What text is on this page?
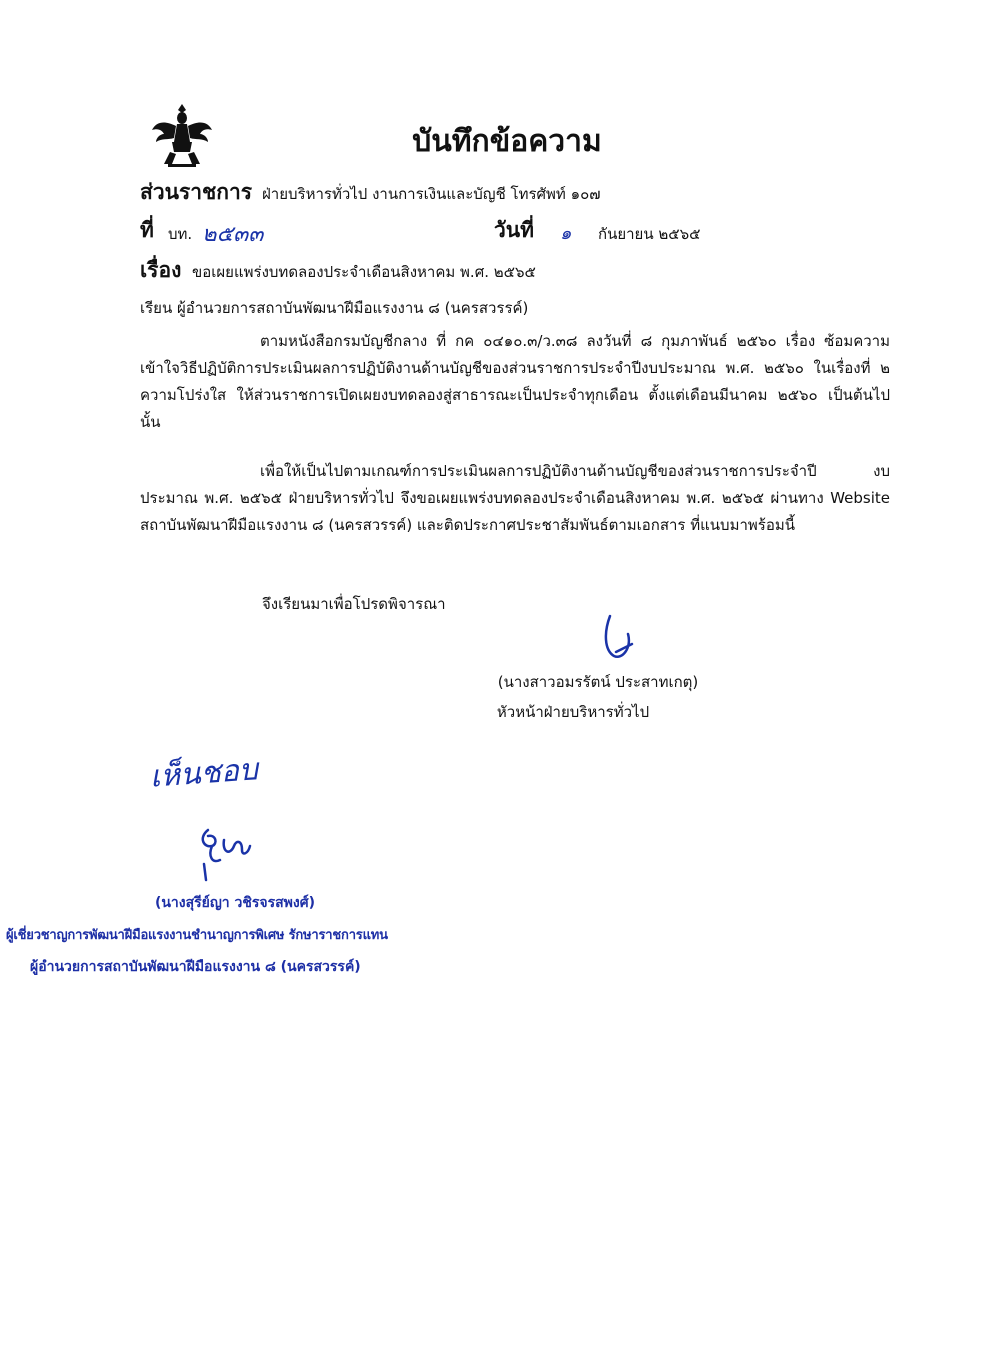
บันทึกข้อความ
ส่วนราชการ ฝ่ายบริหารทั่วไป งานการเงินและบัญชี โทรศัพท์ ๑๐๗
ที่ บท. ๒๕๓๓	วันที่ ๑ กันยายน ๒๕๖๕
เรื่อง ขอเผยแพร่งบทดลองประจำเดือนสิงหาคม พ.ศ. ๒๕๖๕
เรียน ผู้อำนวยการสถาบันพัฒนาฝีมือแรงงาน ๘ (นครสวรรค์)

ตามหนังสือกรมบัญชีกลาง ที่ กค ๐๔๑๐.๓/ว.๓๘ ลงวันที่ ๘ กุมภาพันธ์ ๒๕๖๐ เรื่อง ซ้อมความเข้าใจวิธีปฏิบัติการประเมินผลการปฏิบัติงานด้านบัญชีของส่วนราชการประจำปีงบประมาณ พ.ศ. ๒๕๖๐ ในเรื่องที่ ๒ ความโปร่งใส ให้ส่วนราชการเปิดเผยงบทดลองสู่สาธารณะเป็นประจำทุกเดือน ตั้งแต่เดือนมีนาคม ๒๕๖๐ เป็นต้นไป นั้น

เพื่อให้เป็นไปตามเกณฑ์การประเมินผลการปฏิบัติงานด้านบัญชีของส่วนราชการประจำปี งบประมาณ พ.ศ. ๒๕๖๕ ฝ่ายบริหารทั่วไป จึงขอเผยแพร่งบทดลองประจำเดือนสิงหาคม พ.ศ. ๒๕๖๕ ผ่านทาง Website สถาบันพัฒนาฝีมือแรงงาน ๘ (นครสวรรค์) และติดประกาศประชาสัมพันธ์ตามเอกสาร ที่แนบมาพร้อมนี้

จึงเรียนมาเพื่อโปรดพิจารณา
(นางสาวอมรรัตน์ ประสาทเกตุ)
หัวหน้าฝ่ายบริหารทั่วไป
เห็นชอบ
(นางสุรีย์ญา วชิรจรสพงศ์)
ผู้เชี่ยวชาญการพัฒนาฝีมือแรงงานชำนาญการพิเศษ รักษาราชการแทน
ผู้อำนวยการสถาบันพัฒนาฝีมือแรงงาน ๘ (นครสวรรค์)
